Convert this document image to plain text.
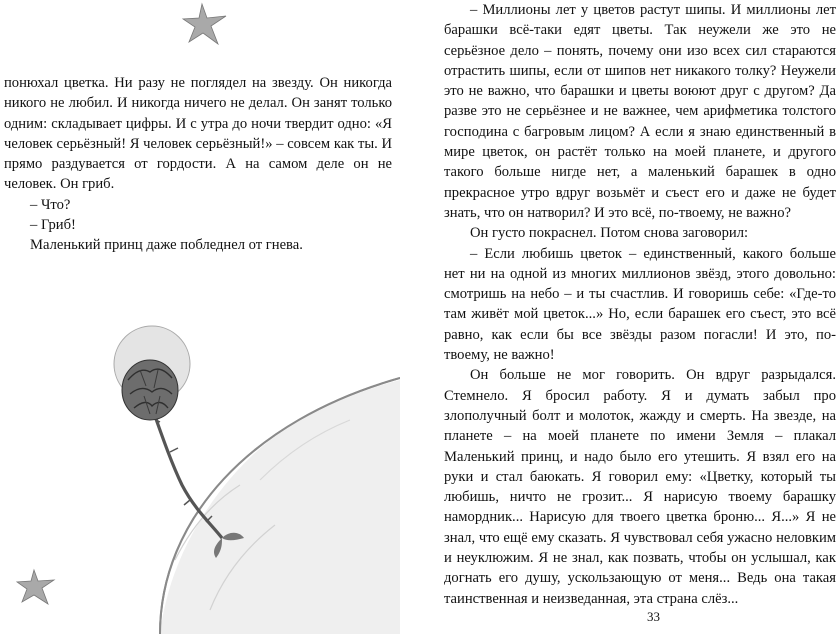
понюхал цветка. Ни разу не поглядел на звезду. Он никогда никого не любил. И никогда ничего не делал. Он занят только одним: складывает цифры. И с утра до ночи твердит одно: «Я человек серьёзный! Я человек серьёзный!» – совсем как ты. И прямо раздувается от гордости. А на самом деле он не человек. Он гриб.

– Что?

– Гриб!

Маленький принц даже побледнел от гнева.

– Миллионы лет у цветов растут шипы. И миллионы лет барашки всё-таки едят цветы. Так неужели же это не серьёзное дело – понять, почему они изо всех сил стараются отрастить шипы, если от шипов нет никакого толку? Неужели это не важно, что барашки и цветы воюют друг с другом? Да разве это не серьёзнее и не важнее, чем арифметика толстого господина с багровым лицом? А если я знаю единственный в мире цветок, он растёт только на моей планете, и другого такого больше нигде нет, а маленький барашек в одно прекрасное утро вдруг возьмёт и съест его и даже не будет знать, что он натворил? И это всё, по-твоему, не важно?

Он густо покраснел. Потом снова заговорил:

– Если любишь цветок – единственный, какого больше нет ни на одной из многих миллионов звёзд, этого довольно: смотришь на небо – и ты счастлив. И говоришь себе: «Где-то там живёт мой цветок...» Но, если барашек его съест, это всё равно, как если бы все звёзды разом погасли! И это, по-твоему, не важно!

Он больше не мог говорить. Он вдруг разрыдался. Стемнело. Я бросил работу. Я и думать забыл про злополучный болт и молоток, жажду и смерть. На звезде, на планете – на моей планете по имени Земля – плакал Маленький принц, и надо было его утешить. Я взял его на руки и стал баюкать. Я говорил ему: «Цветку, который ты любишь, ничто не грозит... Я нарисую твоему барашку намордник... Нарисую для твоего цветка броню... Я...» Я не знал, что ещё ему сказать. Я чувствовал себя ужасно неловким и неуклюжим. Я не знал, как позвать, чтобы он услышал, как догнать его душу, ускользающую от меня... Ведь она такая таинственная и неизведанная, эта страна слёз...

33
